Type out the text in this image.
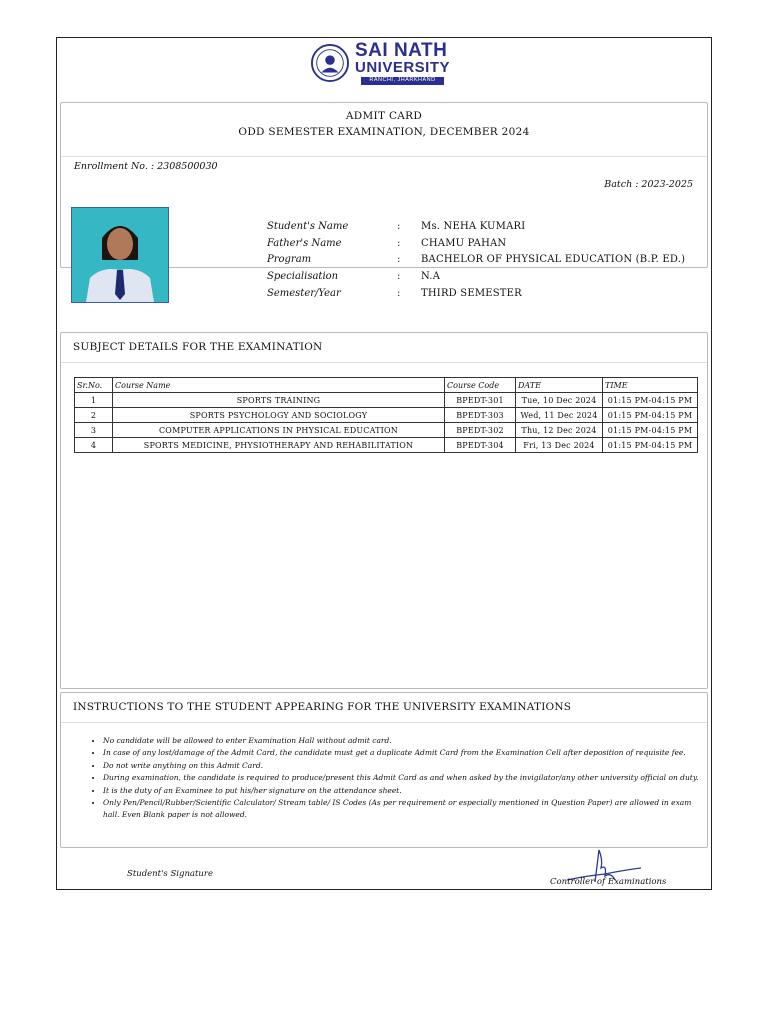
SAI NATH
UNIVERSITY
RANCHI, JHARKHAND
ADMIT CARD
ODD SEMESTER EXAMINATION, DECEMBER 2024
Enrollment No. : 2308500030
Batch : 2023-2025
Student's Name	:	Ms. NEHA KUMARI
Father's Name	:	CHAMU PAHAN
Program	:	BACHELOR OF PHYSICAL EDUCATION (B.P. ED.)
Specialisation	:	N.A
Semester/Year	:	THIRD SEMESTER
SUBJECT DETAILS FOR THE EXAMINATION
Sr.No.	Course Name	Course Code	DATE	TIME
1	SPORTS TRAINING	BPEDT-301	Tue, 10 Dec 2024	01:15 PM-04:15 PM
2	SPORTS PSYCHOLOGY AND SOCIOLOGY	BPEDT-303	Wed, 11 Dec 2024	01:15 PM-04:15 PM
3	COMPUTER APPLICATIONS IN PHYSICAL EDUCATION	BPEDT-302	Thu, 12 Dec 2024	01:15 PM-04:15 PM
4	SPORTS MEDICINE, PHYSIOTHERAPY AND REHABILITATION	BPEDT-304	Fri, 13 Dec 2024	01:15 PM-04:15 PM
INSTRUCTIONS TO THE STUDENT APPEARING FOR THE UNIVERSITY EXAMINATIONS
• No candidate will be allowed to enter Examination Hall without admit card.
• In case of any lost/damage of the Admit Card, the candidate must get a duplicate Admit Card from the Examination Cell after deposition of requisite fee.
• Do not write anything on this Admit Card.
• During examination, the candidate is required to produce/present this Admit Card as and when asked by the invigilator/any other university official on duty.
• It is the duty of an Examinee to put his/her signature on the attendance sheet.
• Only Pen/Pencil/Rubber/Scientific Calculator/ Stream table/ IS Codes (As per requirement or especially mentioned in Question Paper) are allowed in exam hall. Even Blank paper is not allowed.
Student's Signature
Controller of Examinations
